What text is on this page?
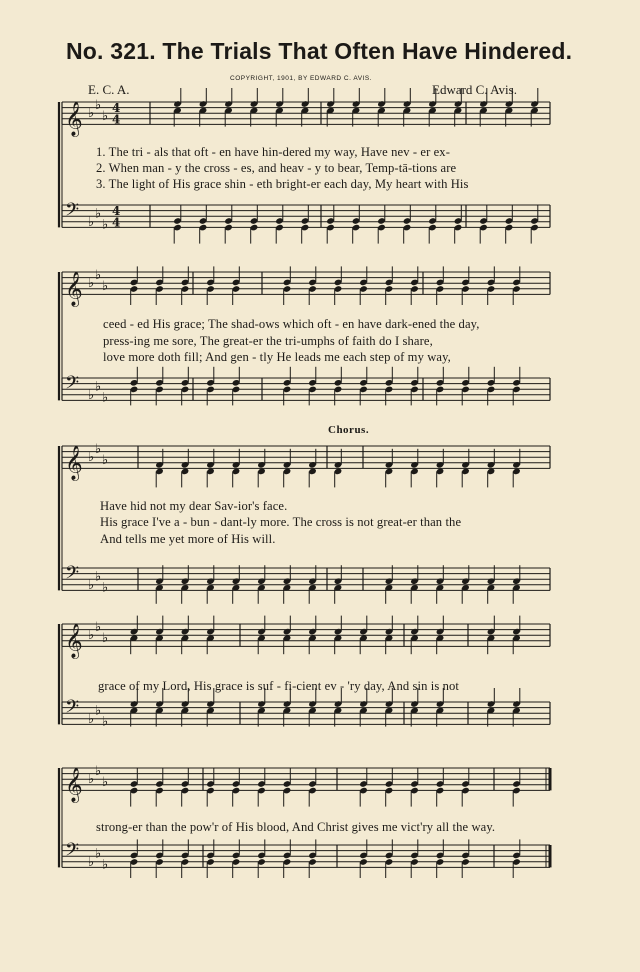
No. 321. The Trials That Often Have Hindered.
COPYRIGHT, 1901, BY EDWARD C. AVIS.
E. C. A.	Edward C. Avis.
𝄞 ♭
♭
♭
4
4
𝄢 ♭
♭
♭
4
4
𝄞 ♭
♭
♭
𝄢 ♭
♭
♭
𝄞 ♭
♭
♭
𝄢 ♭
♭
♭
𝄞 ♭
♭
♭
𝄢 ♭
♭
♭
𝄞 ♭
♭
♭
𝄢 ♭
♭
♭
1. The tri - als that oft - en have hin-dered my way, Have nev - er ex-
2. When man - y the cross - es, and heav - y to bear, Temp-tā-tions are
3. The light of His grace shin - eth bright-er each day, My heart with His
ceed - ed His grace; The shad-ows which oft - en have dark-ened the day,
press-ing me sore, The great-er the tri-umphs of faith do I share,
love more doth fill; And gen - tly He leads me each step of my way,
Chorus.
Have hid not my dear Sav-ior's face.
His grace I've a - bun - dant-ly more. The cross is not great-er than the
And tells me yet more of His will.
grace of my Lord, His grace is suf - fi-cient ev - 'ry day, And sin is not
strong-er than the pow'r of His blood, And Christ gives me vict'ry all the way.
